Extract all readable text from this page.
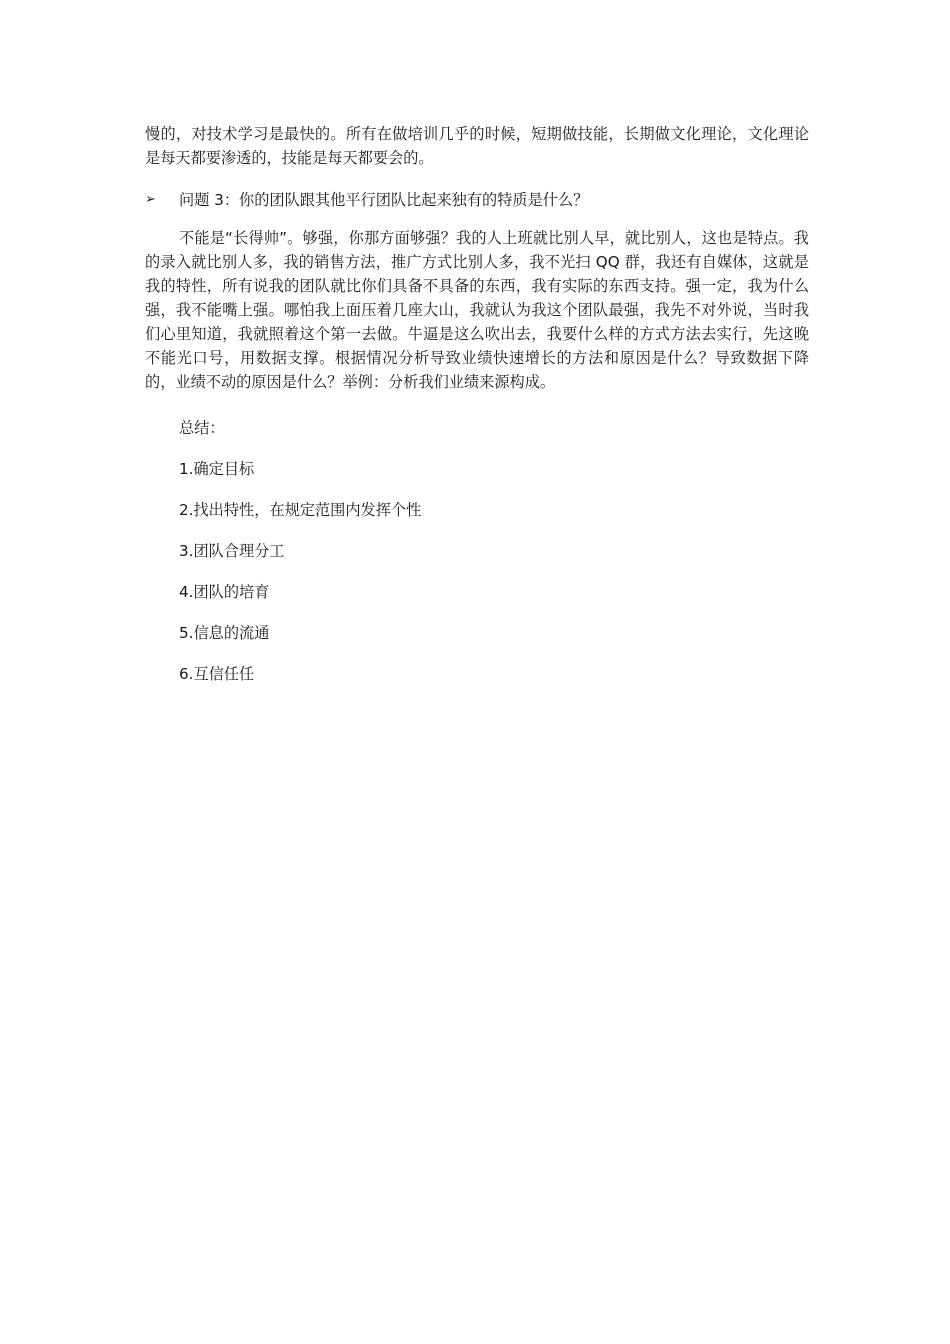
慢的，对技术学习是最快的。所有在做培训几乎的时候，短期做技能，长期做文化理论，文化理论是每天都要渗透的，技能是每天都要会的。

➢	问题 3：你的团队跟其他平行团队比起来独有的特质是什么？

不能是“长得帅”。够强，你那方面够强？我的人上班就比别人早，就比别人，这也是特点。我的录入就比别人多，我的销售方法，推广方式比别人多，我不光扫 QQ 群，我还有自媒体，这就是我的特性，所有说我的团队就比你们具备不具备的东西，我有实际的东西支持。强一定，我为什么强，我不能嘴上强。哪怕我上面压着几座大山，我就认为我这个团队最强，我先不对外说，当时我们心里知道，我就照着这个第一去做。牛逼是这么吹出去，我要什么样的方式方法去实行，先这晚不能光口号，用数据支撑。根据情况分析导致业绩快速增长的方法和原因是什么？导致数据下降的，业绩不动的原因是什么？举例：分析我们业绩来源构成。

总结：

1.确定目标
2.找出特性，在规定范围内发挥个性
3.团队合理分工
4.团队的培育
5.信息的流通
6.互信任任
